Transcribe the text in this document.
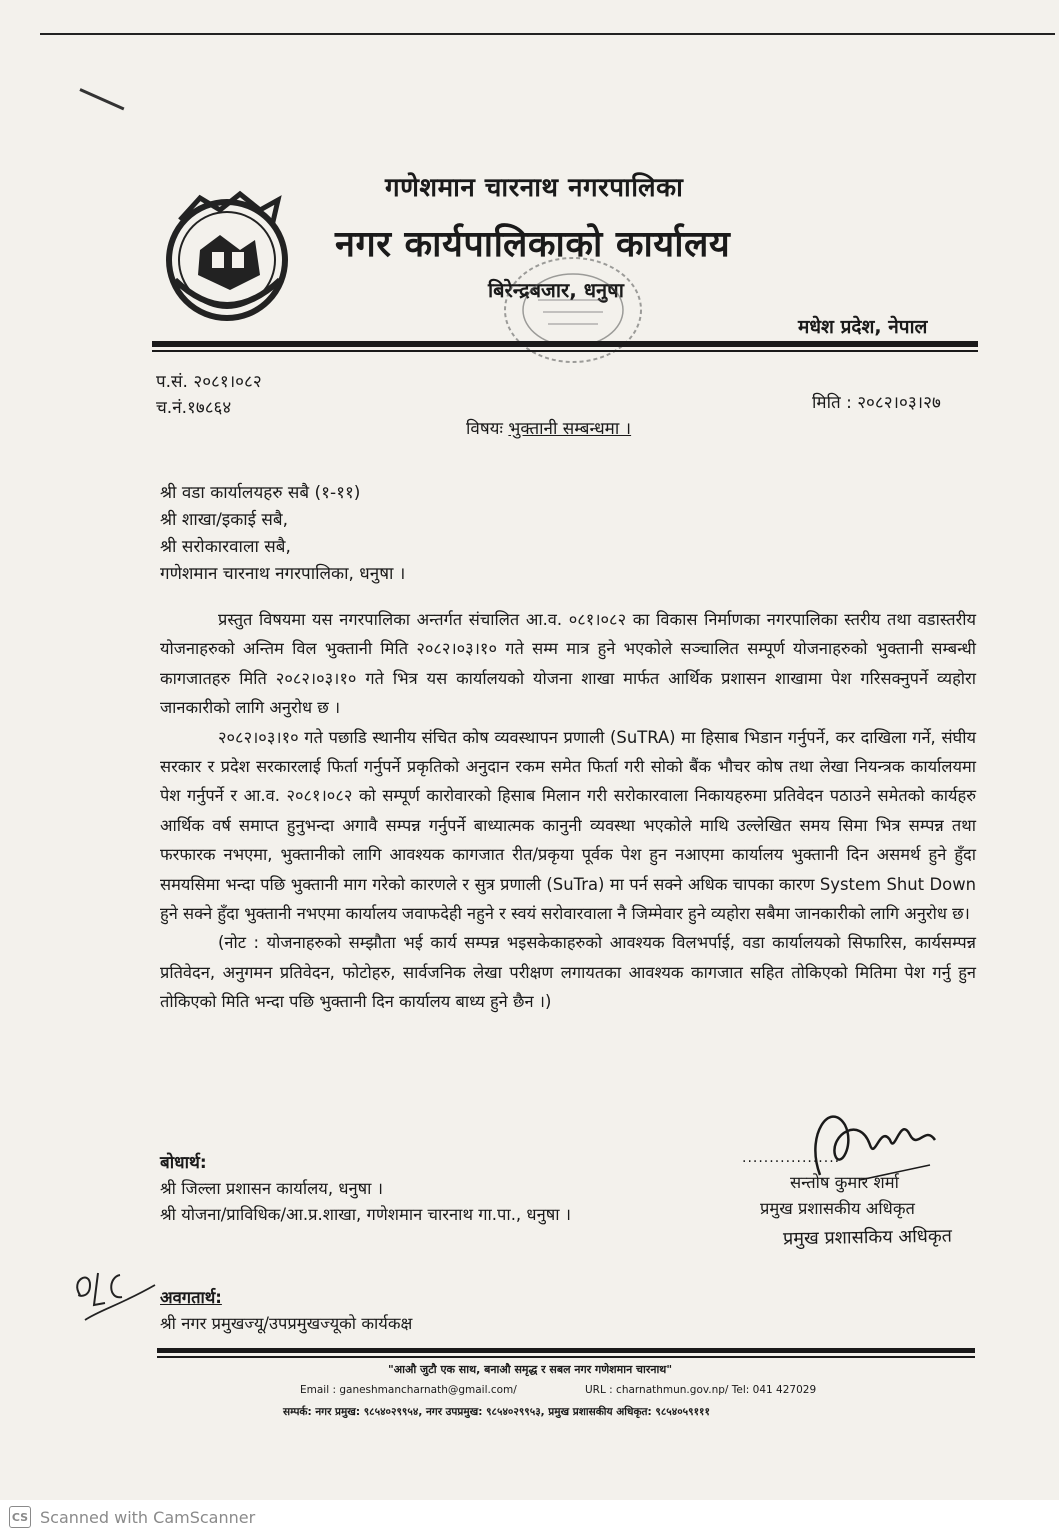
गणेशमान चारनाथ नगरपालिका
नगर कार्यपालिकाको कार्यालय
बिरेन्द्रबजार, धनुषा
मधेश प्रदेश, नेपाल
प.सं. २०८१।०८२
च.नं.१७८६४	मिति : २०८२।०३।२७
विषयः भुक्तानी सम्बन्धमा ।
श्री वडा कार्यालयहरु सबै (१-११)
श्री शाखा/इकाई सबै,
श्री सरोकारवाला सबै,
गणेशमान चारनाथ नगरपालिका, धनुषा ।

प्रस्तुत विषयमा यस नगरपालिका अन्तर्गत संचालित आ.व. ०८१।०८२ का विकास निर्माणका नगरपालिका स्तरीय तथा वडास्तरीय योजनाहरुको अन्तिम विल भुक्तानी मिति २०८२।०३।१० गते सम्म मात्र हुने भएकोले सञ्चालित सम्पूर्ण योजनाहरुको भुक्तानी सम्बन्धी कागजातहरु मिति २०८२।०३।१० गते भित्र यस कार्यालयको योजना शाखा मार्फत आर्थिक प्रशासन शाखामा पेश गरिसक्नुपर्ने व्यहोरा जानकारीको लागि अनुरोध छ ।

२०८२।०३।१० गते पछाडि स्थानीय संचित कोष व्यवस्थापन प्रणाली (SuTRA) मा हिसाब भिडान गर्नुपर्ने, कर दाखिला गर्ने, संघीय सरकार र प्रदेश सरकारलाई फिर्ता गर्नुपर्ने प्रकृतिको अनुदान रकम समेत फिर्ता गरी सोको बैंक भौचर कोष तथा लेखा नियन्त्रक कार्यालयमा पेश गर्नुपर्ने र आ.व. २०८१।०८२ को सम्पूर्ण कारोवारको हिसाब मिलान गरी सरोकारवाला निकायहरुमा प्रतिवेदन पठाउने समेतको कार्यहरु आर्थिक वर्ष समाप्त हुनुभन्दा अगावै सम्पन्न गर्नुपर्ने बाध्यात्मक कानुनी व्यवस्था भएकोले माथि उल्लेखित समय सिमा भित्र सम्पन्न तथा फरफारक नभएमा, भुक्तानीको लागि आवश्यक कागजात रीत/प्रकृया पूर्वक पेश हुन नआएमा कार्यालय भुक्तानी दिन असमर्थ हुने हुँदा समयसिमा भन्दा पछि भुक्तानी माग गरेको कारणले र सुत्र प्रणाली (SuTra) मा पर्न सक्ने अधिक चापका कारण System Shut Down हुने सक्ने हुँदा भुक्तानी नभएमा कार्यालय जवाफदेही नहुने र स्वयं सरोवारवाला नै जिम्मेवार हुने व्यहोरा सबैमा जानकारीको लागि अनुरोध छ।

(नोट : योजनाहरुको सम्झौता भई कार्य सम्पन्न भइसकेकाहरुको आवश्यक विलभर्पाई, वडा कार्यालयको सिफारिस, कार्यसम्पन्न प्रतिवेदन, अनुगमन प्रतिवेदन, फोटोहरु, सार्वजनिक लेखा परीक्षण लगायतका आवश्यक कागजात सहित तोकिएको मितिमा पेश गर्नु हुन तोकिएको मिति भन्दा पछि भुक्तानी दिन कार्यालय बाध्य हुने छैन ।)

बोधार्थ:
श्री जिल्ला प्रशासन कार्यालय, धनुषा ।
श्री योजना/प्राविधिक/आ.प्र.शाखा, गणेशमान चारनाथ गा.पा., धनुषा ।
..................
सन्तोष कुमार शर्मा
प्रमुख प्रशासकीय अधिकृत
प्रमुख प्रशासकिय अधिकृत
अवगतार्थ:
श्री नगर प्रमुखज्यू/उपप्रमुखज्यूको कार्यकक्ष
"आऔ जुटौ एक साथ, बनाऔ समृद्ध र सबल नगर गणेशमान चारनाथ"
Email : ganeshmancharnath@gmail.com/	URL : charnathmun.gov.np/ Tel: 041 427029
सम्पर्क: नगर प्रमुख: ९८५४०२९९५४, नगर उपप्रमुख: ९८५४०२९९५३, प्रमुख प्रशासकीय अधिकृत: ९८५४०५९१११
CS Scanned with CamScanner
